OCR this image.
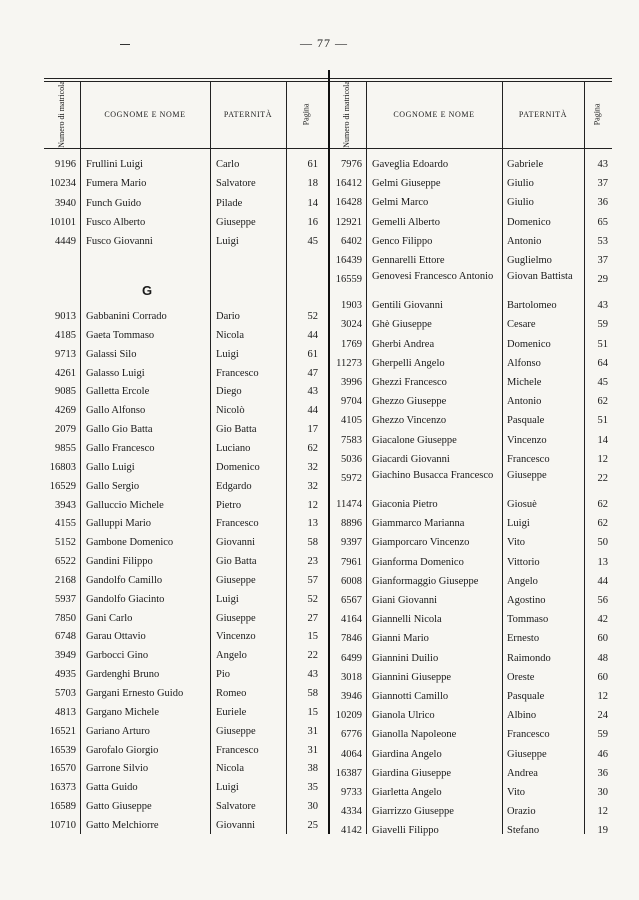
— 77 —
Numero di matricola	COGNOME E NOME	PATERNITÀ	Pagina	Numero di matricola	COGNOME E NOME	PATERNITÀ	Pagina
G
9196 Frullini Luigi	Carlo	61
10234 Fumera Mario	Salvatore	18
3940 Funch Guido	Pilade	14
10101 Fusco Alberto	Giuseppe	16
4449 Fusco Giovanni	Luigi	45
9013 Gabbanini Corrado	Dario	52
4185 Gaeta Tommaso	Nicola	44
9713 Galassi Silo	Luigi	61
4261 Galasso Luigi	Francesco	47
9085 Galletta Ercole	Diego	43
4269 Gallo Alfonso	Nicolò	44
2079 Gallo Gio Batta	Gio Batta	17
9855 Gallo Francesco	Luciano	62
16803 Gallo Luigi	Domenico	32
16529 Gallo Sergio	Edgardo	32
3943 Galluccio Michele	Pietro	12
4155 Galluppi Mario	Francesco	13
5152 Gambone Domenico	Giovanni	58
6522 Gandini Filippo	Gio Batta	23
2168 Gandolfo Camillo	Giuseppe	57
5937 Gandolfo Giacinto	Luigi	52
7850 Gani Carlo	Giuseppe	27
6748 Garau Ottavio	Vincenzo	15
3949 Garbocci Gino	Angelo	22
4935 Gardenghi Bruno	Pio	43
5703 Gargani Ernesto Guido	Romeo	58
4813 Gargano Michele	Euriele	15
16521 Gariano Arturo	Giuseppe	31
16539 Garofalo Giorgio	Francesco	31
16570 Garrone Silvio	Nicola	38
16373 Gatta Guido	Luigi	35
16589 Gatto Giuseppe	Salvatore	30
10710 Gatto Melchiorre	Giovanni	25
7976 Gaveglia Edoardo	Gabriele	43
16412 Gelmi Giuseppe	Giulio	37
16428 Gelmi Marco	Giulio	36
12921 Gemelli Alberto	Domenico	65
6402 Genco Filippo	Antonio	53
16439 Gennarelli Ettore	Guglielmo	37
16559 Genovesi Francesco Antonio	Giovan Battista	29
1903 Gentili Giovanni	Bartolomeo	43
3024 Ghè Giuseppe	Cesare	59
1769 Gherbi Andrea	Domenico	51
11273 Gherpelli Angelo	Alfonso	64
3996 Ghezzi Francesco	Michele	45
9704 Ghezzo Giuseppe	Antonio	62
4105 Ghezzo Vincenzo	Pasquale	51
7583 Giacalone Giuseppe	Vincenzo	14
5036 Giacardi Giovanni	Francesco	12
5972 Giachino Busacca Francesco	Giuseppe	22
11474 Giaconia Pietro	Giosuè	62
8896 Giammarco Marianna	Luigi	62
9397 Giamporcaro Vincenzo	Vito	50
7961 Gianforma Domenico	Vittorio	13
6008 Gianformaggio Giuseppe	Angelo	44
6567 Giani Giovanni	Agostino	56
4164 Giannelli Nicola	Tommaso	42
7846 Gianni Mario	Ernesto	60
6499 Giannini Duilio	Raimondo	48
3018 Giannini Giuseppe	Oreste	60
3946 Giannotti Camillo	Pasquale	12
10209 Gianola Ulrico	Albino	24
6776 Gianolla Napoleone	Francesco	59
4064 Giardina Angelo	Giuseppe	46
16387 Giardina Giuseppe	Andrea	36
9733 Giarletta Angelo	Vito	30
4334 Giarrizzo Giuseppe	Orazio	12
4142 Giavelli Filippo	Stefano	19
